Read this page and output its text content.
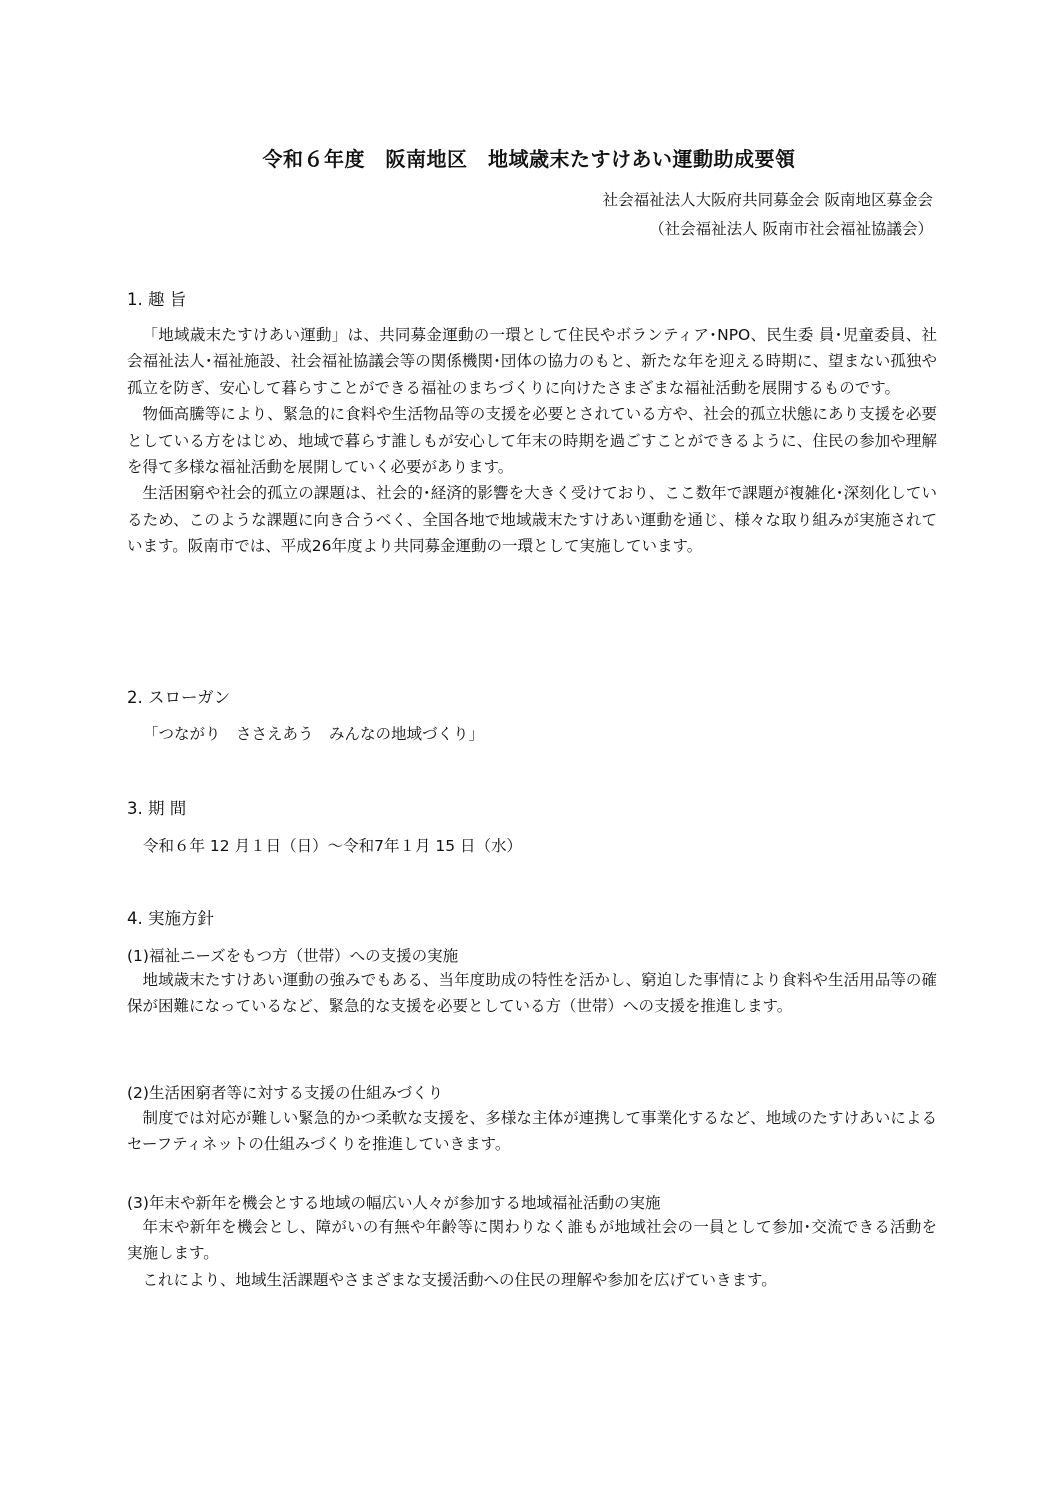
令和６年度　阪南地区　地域歳末たすけあい運動助成要領
社会福祉法人大阪府共同募金会 阪南地区募金会
（社会福祉法人 阪南市社会福祉協議会）
1. 趣 旨

「地域歳末たすけあい運動」は、共同募金運動の一環として住民やボランティア･NPO、民生委 員･児童委員、社会福祉法人･福祉施設、社会福祉協議会等の関係機関･団体の協力のもと、新たな年を迎える時期に、望まない孤独や孤立を防ぎ、安心して暮らすことができる福祉のまちづくりに向けたさまざまな福祉活動を展開するものです。

物価高騰等により、緊急的に食料や生活物品等の支援を必要とされている方や、社会的孤立状態にあり支援を必要としている方をはじめ、地域で暮らす誰しもが安心して年末の時期を過ごすことができるように、住民の参加や理解を得て多様な福祉活動を展開していく必要があります。

生活困窮や社会的孤立の課題は、社会的･経済的影響を大きく受けており、ここ数年で課題が複雑化･深刻化しているため、このような課題に向き合うべく、全国各地で地域歳末たすけあい運動を通じ、様々な取り組みが実施されています。阪南市では、平成26年度より共同募金運動の一環として実施しています。

2. スローガン
「つながり　ささえあう　みんなの地域づくり」
3. 期 間
令和６年 12 月１日（日）～令和7年１月 15 日（水）
4. 実施方針
(1)福祉ニーズをもつ方（世帯）への支援の実施

地域歳末たすけあい運動の強みでもある、当年度助成の特性を活かし、窮迫した事情により食料や生活用品等の確保が困難になっているなど、緊急的な支援を必要としている方（世帯）への支援を推進します。

(2)生活困窮者等に対する支援の仕組みづくり

制度では対応が難しい緊急的かつ柔軟な支援を、多様な主体が連携して事業化するなど、地域のたすけあいによるセーフティネットの仕組みづくりを推進していきます。

(3)年末や新年を機会とする地域の幅広い人々が参加する地域福祉活動の実施

年末や新年を機会とし、障がいの有無や年齢等に関わりなく誰もが地域社会の一員として参加･交流できる活動を実施します。

これにより、地域生活課題やさまざまな支援活動への住民の理解や参加を広げていきます。
